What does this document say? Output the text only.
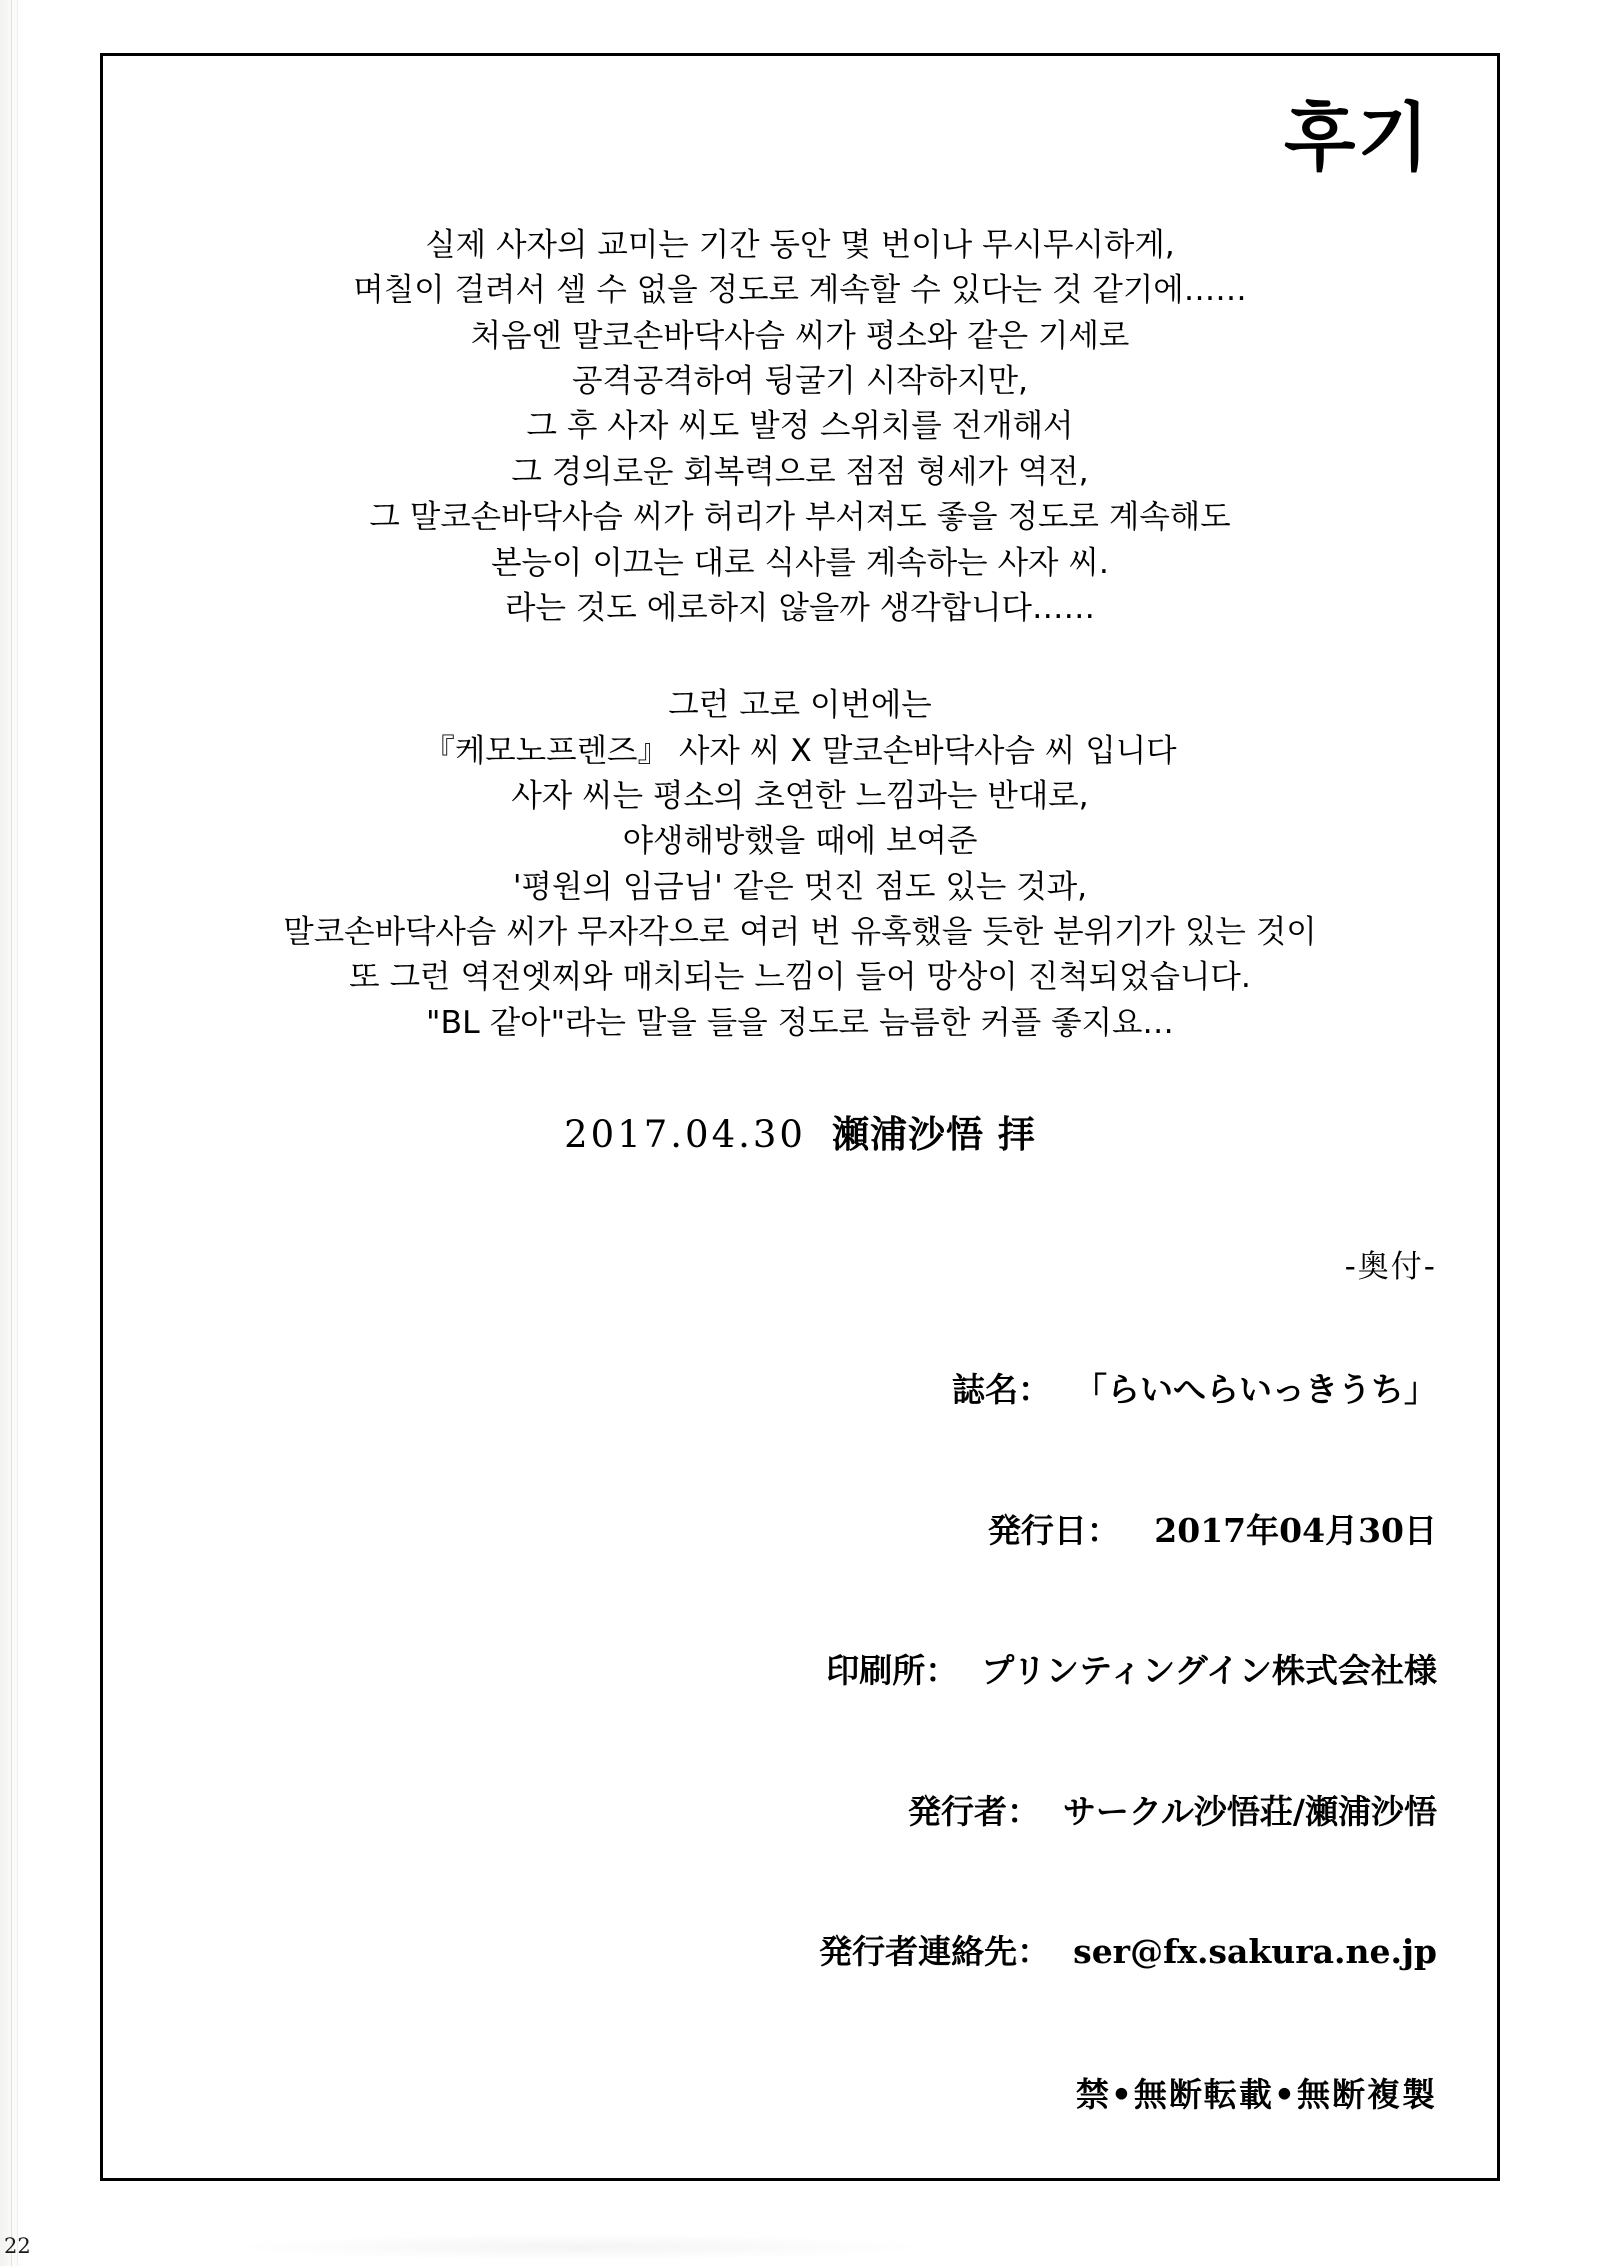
후기

실제 사자의 교미는 기간 동안 몇 번이나 무시무시하게,

며칠이 걸려서 셀 수 없을 정도로 계속할 수 있다는 것 같기에……

처음엔 말코손바닥사슴 씨가 평소와 같은 기세로

공격공격하여 뒹굴기 시작하지만,

그 후 사자 씨도 발정 스위치를 전개해서

그 경의로운 회복력으로 점점 형세가 역전,

그 말코손바닥사슴 씨가 허리가 부서져도 좋을 정도로 계속해도

본능이 이끄는 대로 식사를 계속하는 사자 씨.

라는 것도 에로하지 않을까 생각합니다……

그런 고로 이번에는

『케모노프렌즈』 사자 씨 X 말코손바닥사슴 씨 입니다

사자 씨는 평소의 초연한 느낌과는 반대로,

야생해방했을 때에 보여준

'평원의 임금님' 같은 멋진 점도 있는 것과,

말코손바닥사슴 씨가 무자각으로 여러 번 유혹했을 듯한 분위기가 있는 것이

또 그런 역전엣찌와 매치되는 느낌이 들어 망상이 진척되었습니다.

"BL 같아"라는 말을 들을 정도로 늠름한 커플 좋지요…

2017.04.30 瀬浦沙悟 拝
-奥付-

誌名： 「らいへらいっきうち」

発行日： 2017年04月30日

印刷所： プリンティングイン株式会社様

発行者： サークル沙悟荘/瀬浦沙悟

発行者連絡先： ser@fx.sakura.ne.jp

禁•無断転載•無断複製
22
